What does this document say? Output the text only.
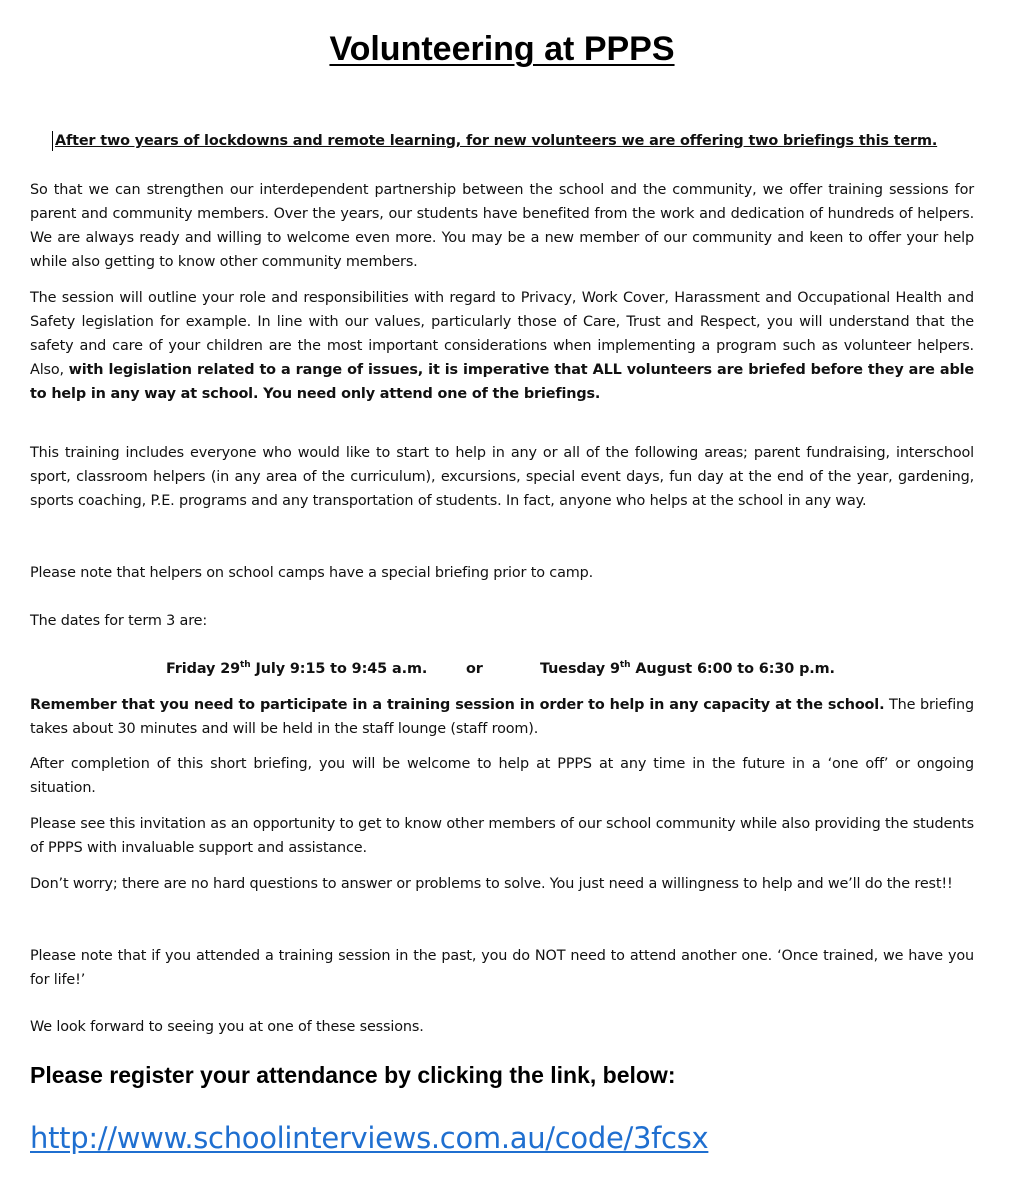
Volunteering at PPPS
After two years of lockdowns and remote learning, for new volunteers we are offering two briefings this term.

So that we can strengthen our interdependent partnership between the school and the community, we offer training sessions for parent and community members. Over the years, our students have benefited from the work and dedication of hundreds of helpers. We are always ready and willing to welcome even more. You may be a new member of our community and keen to offer your help while also getting to know other community members.

The session will outline your role and responsibilities with regard to Privacy, Work Cover, Harassment and Occupational Health and Safety legislation for example. In line with our values, particularly those of Care, Trust and Respect, you will understand that the safety and care of your children are the most important considerations when implementing a program such as volunteer helpers. Also, with legislation related to a range of issues, it is imperative that ALL volunteers are briefed before they are able to help in any way at school. You need only attend one of the briefings.

This training includes everyone who would like to start to help in any or all of the following areas; parent fundraising, interschool sport, classroom helpers (in any area of the curriculum), excursions, special event days, fun day at the end of the year, gardening, sports coaching, P.E. programs and any transportation of students. In fact, anyone who helps at the school in any way.

Please note that helpers on school camps have a special briefing prior to camp.

The dates for term 3 are:

Friday 29th July 9:15 to 9:45 a.m.	or	Tuesday 9th August 6:00 to 6:30 p.m.

Remember that you need to participate in a training session in order to help in any capacity at the school. The briefing takes about 30 minutes and will be held in the staff lounge (staff room).

After completion of this short briefing, you will be welcome to help at PPPS at any time in the future in a ‘one off’ or ongoing situation.

Please see this invitation as an opportunity to get to know other members of our school community while also providing the students of PPPS with invaluable support and assistance.

Don’t worry; there are no hard questions to answer or problems to solve. You just need a willingness to help and we’ll do the rest!!

Please note that if you attended a training session in the past, you do NOT need to attend another one. ‘Once trained, we have you for life!’

We look forward to seeing you at one of these sessions.

Please register your attendance by clicking the link, below:
http://www.schoolinterviews.com.au/code/3fcsx
